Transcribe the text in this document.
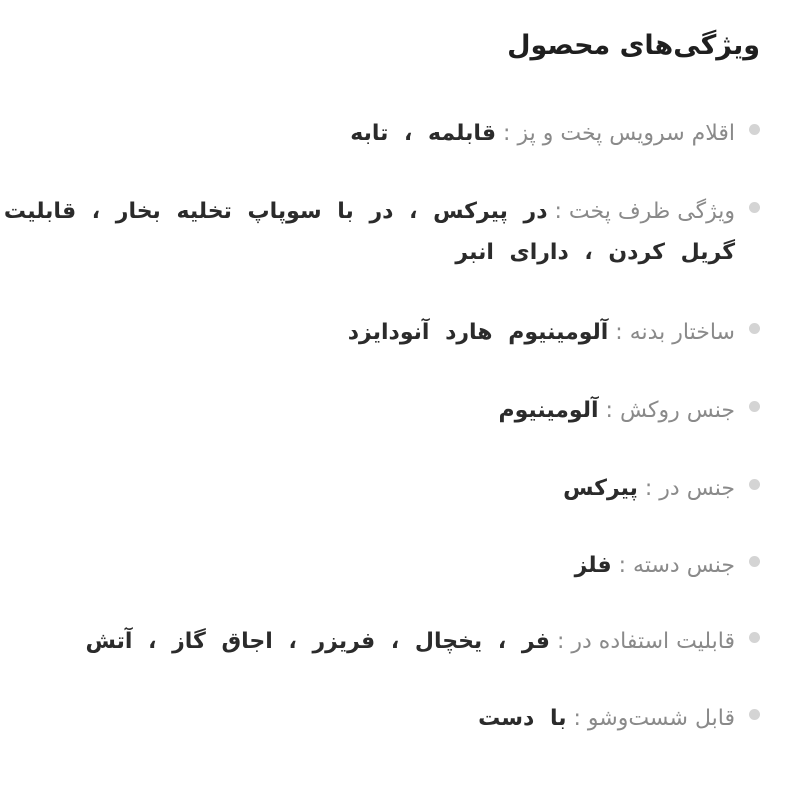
ویژگی‌های محصول
اقلام سرویس پخت و پز : قابلمه ، تابه
ویژگی ظرف پخت : در پیرکس ، در با سوپاپ تخلیه بخار ، قابلیت
گریل کردن ، دارای انبر
ساختار بدنه : آلومینیوم هارد آنودایزد
جنس روکش : آلومینیوم
جنس در : پیرکس
جنس دسته : فلز
قابلیت استفاده در : فر ، یخچال ، فریزر ، اجاق گاز ، آتش
قابل شست‌وشو : با دست
